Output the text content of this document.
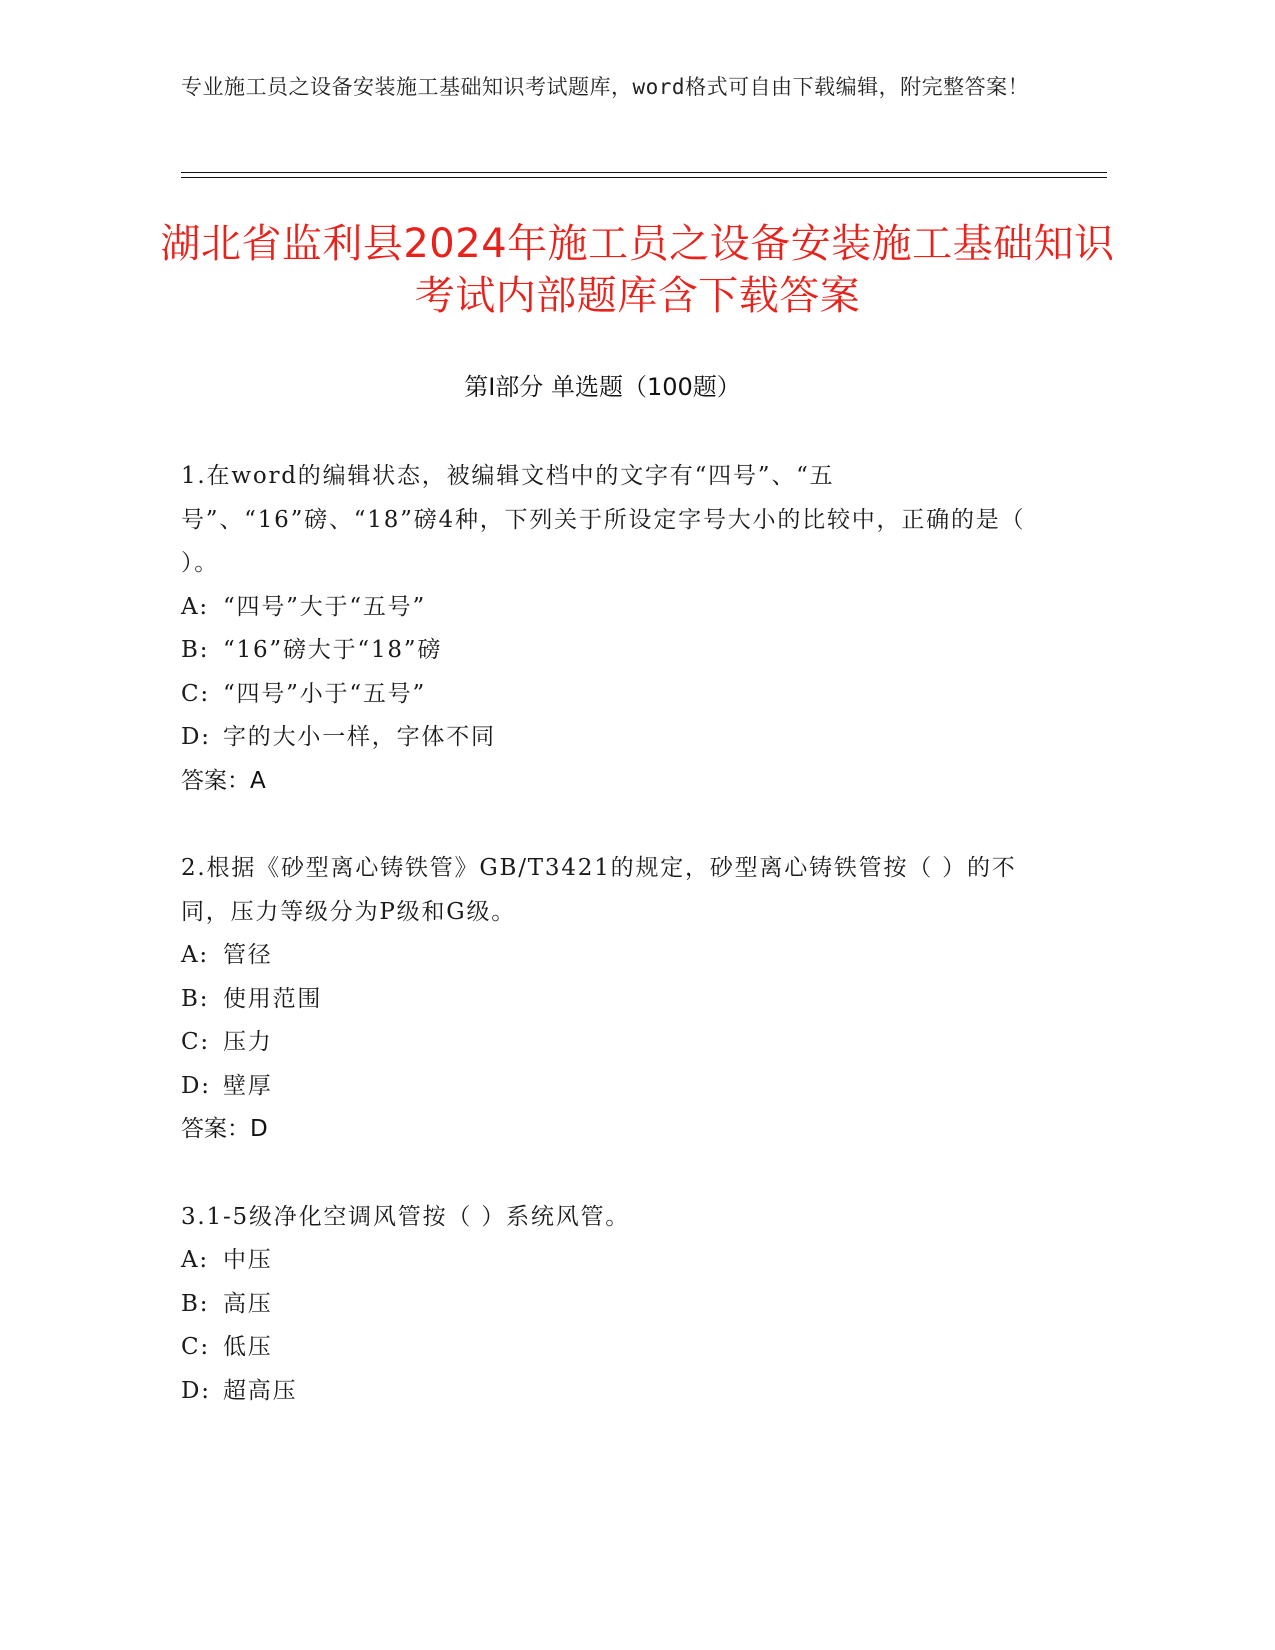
专业施工员之设备安装施工基础知识考试题库，word格式可自由下载编辑，附完整答案！
湖北省监利县2024年施工员之设备安装施工基础知识考试内部题库含下载答案
第I部分 单选题（100题）

1.在word的编辑状态，被编辑文档中的文字有“四号”、“五号”、“16”磅、“18”磅4种，下列关于所设定字号大小的比较中，正确的是（ ）。

A: “四号”大于“五号”
B: “16”磅大于“18”磅
C: “四号”小于“五号”
D: 字的大小一样，字体不同
答案：A

2.根据《砂型离心铸铁管》GB/T3421的规定，砂型离心铸铁管按（ ）的不同，压力等级分为P级和G级。

A: 管径
B: 使用范围
C: 压力
D: 壁厚
答案：D

3.1-5级净化空调风管按（ ）系统风管。

A: 中压
B: 高压
C: 低压
D: 超高压
